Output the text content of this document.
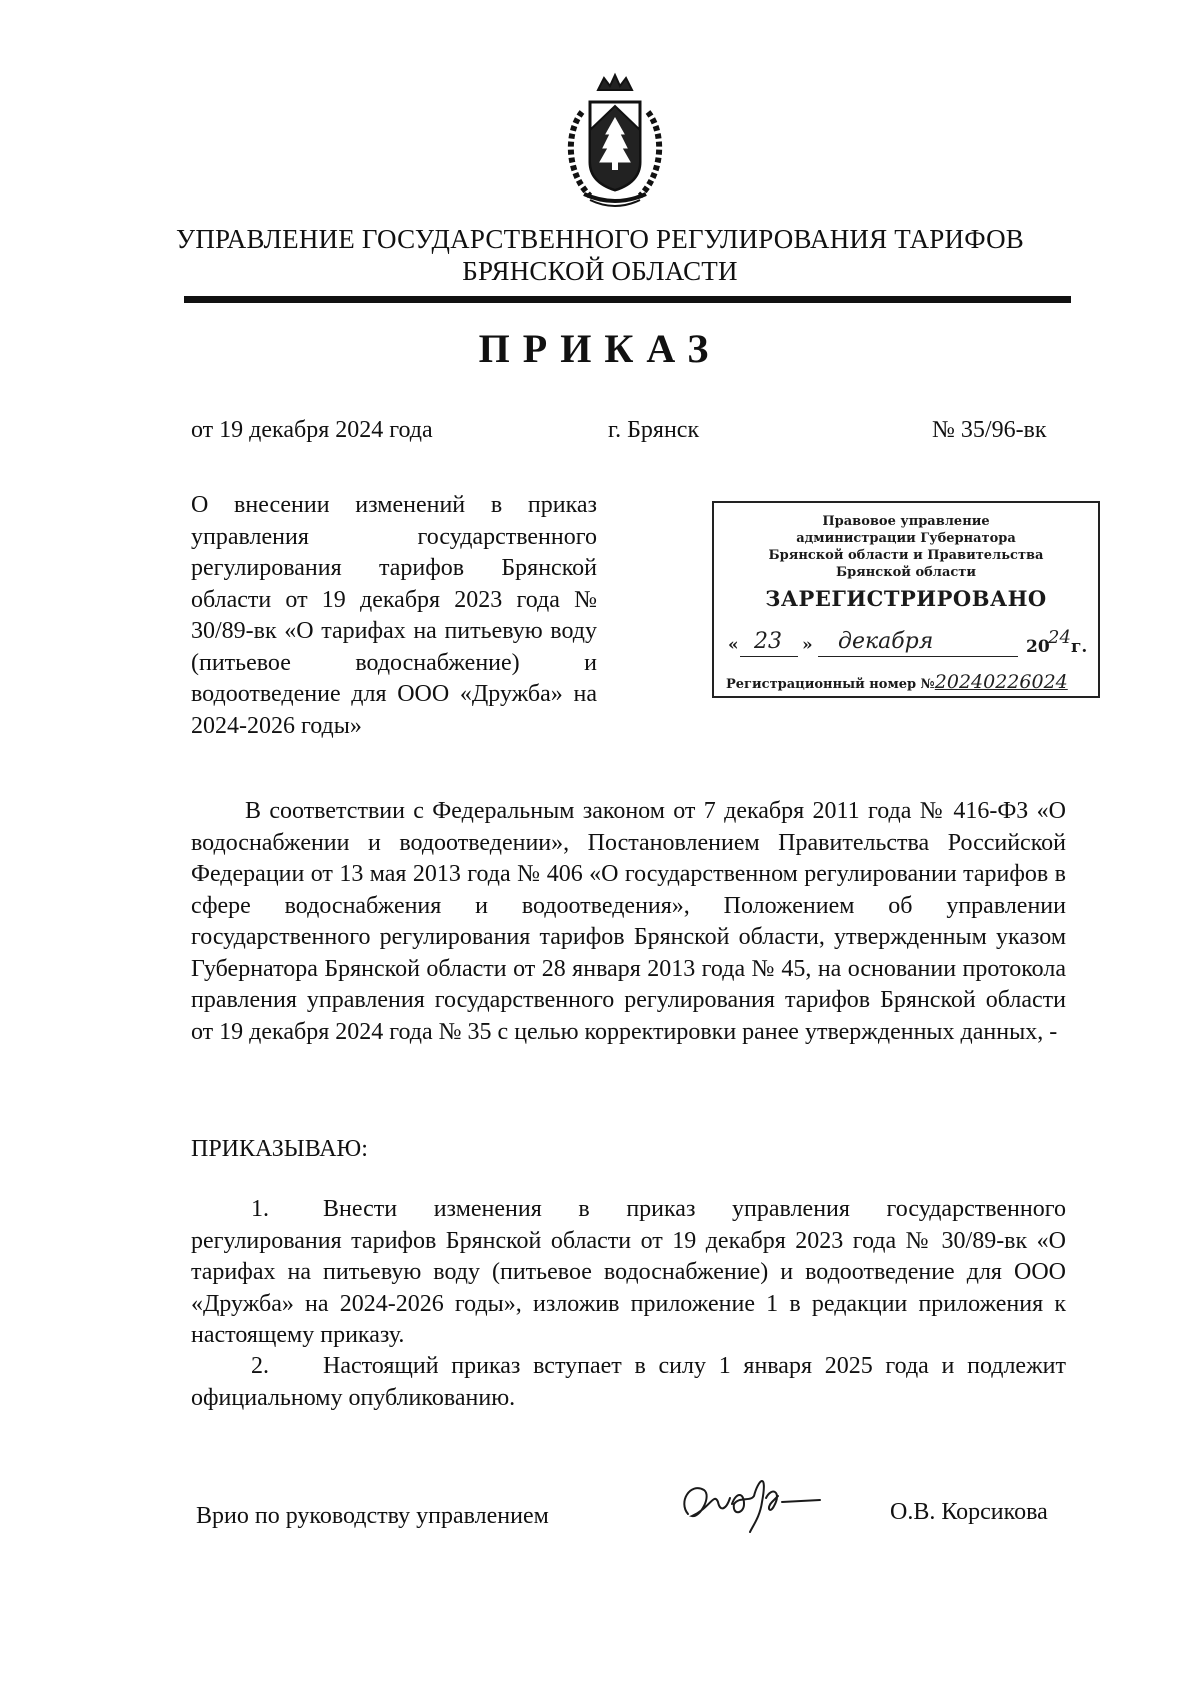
УПРАВЛЕНИЕ ГОСУДАРСТВЕННОГО РЕГУЛИРОВАНИЯ ТАРИФОВ
БРЯНСКОЙ ОБЛАСТИ
ПРИКАЗ
от 19 декабря 2024 года	г. Брянск	№ 35/96-вк
О внесении изменений в приказ управления государственного регулирования тарифов Брянской области от 19 декабря 2023 года № 30/89-вк «О тарифах на питьевую воду (питьевое водоснабжение) и водоотведение для ООО «Дружба» на 2024-2026 годы»
Правовое управление
администрации Губернатора
Брянской области и Правительства
Брянской области
ЗАРЕГИСТРИРОВАНО
« 23 » декабря	20
24 г.
Регистрационный номер №20240226024
В соответствии с Федеральным законом от 7 декабря 2011 года № 416-ФЗ «О водоснабжении и водоотведении», Постановлением Правительства Российской Федерации от 13 мая 2013 года № 406 «О государственном регулировании тарифов в сфере водоснабжения и водоотведения», Положением об управлении государственного регулирования тарифов Брянской области, утвержденным указом Губернатора Брянской области от 28 января 2013 года № 45, на основании протокола правления управления государственного регулирования тарифов Брянской области от 19 декабря 2024 года № 35 с целью корректировки ранее утвержденных данных, -
ПРИКАЗЫВАЮ:
1. Внести изменения в приказ управления государственного регулирования тарифов Брянской области от 19 декабря 2023 года № 30/89-вк «О тарифах на питьевую воду (питьевое водоснабжение) и водоотведение для ООО «Дружба» на 2024-2026 годы», изложив приложение 1 в редакции приложения к настоящему приказу.
2. Настоящий приказ вступает в силу 1 января 2025 года и подлежит официальному опубликованию.
Врио по руководству управлением	О.В. Корсикова
